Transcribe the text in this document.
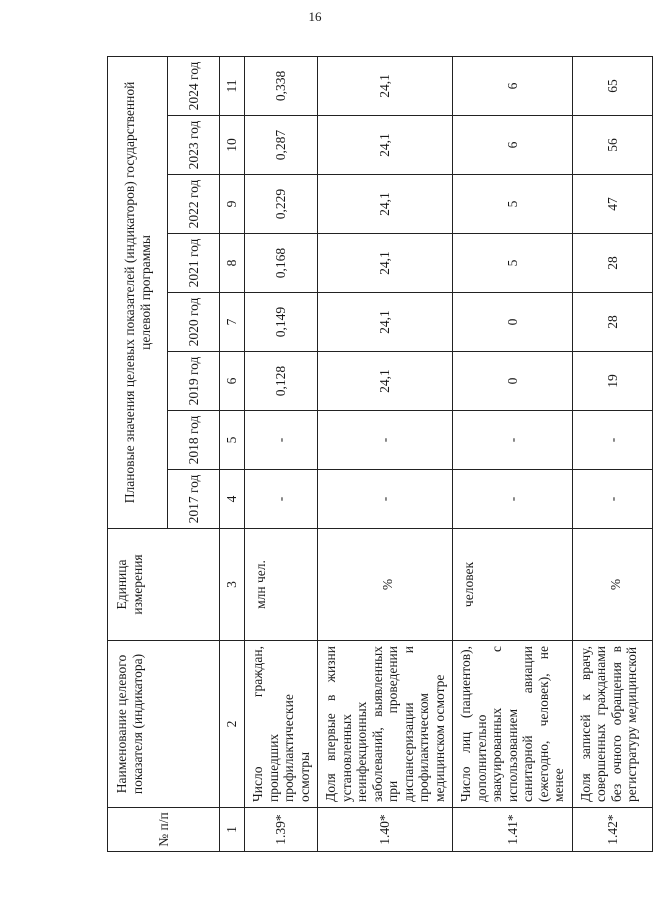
16
№ п/п	Наименование целевого показателя (индикатора)	Единица измерения	Плановые значения целевых показателей (индикаторов) государственной целевой программы							
			2017 год	2018 год	2019 год	2020 год	2021 год	2022 год	2023 год	2024 год
1	2	3	4	5	6	7	8	9	10	11
1.39*	Число граждан, прошедших профилактические осмотры	млн чел.	-	-	0,128	0,149	0,168	0,229	0,287	0,338
1.40*	Доля впервые в жизни установленных неинфекционных заболеваний, выявленных при проведении диспансеризации и профилактическом медицинском осмотре	%	-	-	24,1	24,1	24,1	24,1	24,1	24,1
1.41*	Число лиц (пациентов), дополнительно эвакуированных с использованием санитарной авиации (ежегодно, человек), не менее	человек	-	-	0	0	5	5	6	6
1.42*	Доля записей к врачу, совершенных гражданами без очного обращения в регистратуру медицинской	%	-	-	19	28	28	47	56	65
